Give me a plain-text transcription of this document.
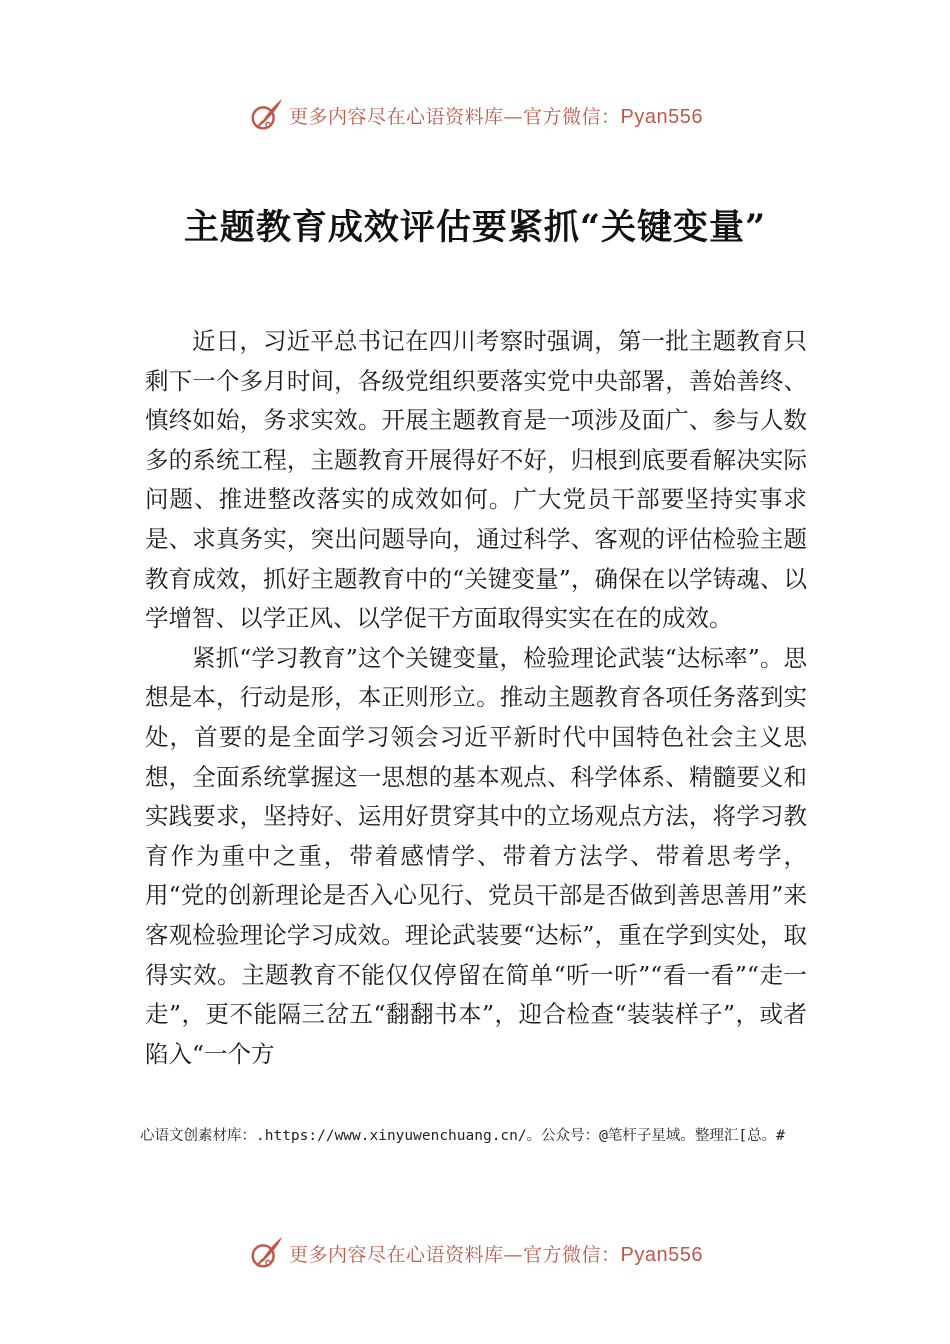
更多内容尽在心语资料库—官方微信：Pyan556
主题教育成效评估要紧抓“关键变量”

近日，习近平总书记在四川考察时强调，第一批主题教育只剩下一个多月时间，各级党组织要落实党中央部署，善始善终、慎终如始，务求实效。开展主题教育是一项涉及面广、参与人数多的系统工程，主题教育开展得好不好，归根到底要看解决实际问题、推进整改落实的成效如何。广大党员干部要坚持实事求是、求真务实，突出问题导向，通过科学、客观的评估检验主题教育成效，抓好主题教育中的“关键变量”，确保在以学铸魂、以学增智、以学正风、以学促干方面取得实实在在的成效。

紧抓“学习教育”这个关键变量，检验理论武装“达标率”。思想是本，行动是形，本正则形立。推动主题教育各项任务落到实处，首要的是全面学习领会习近平新时代中国特色社会主义思想，全面系统掌握这一思想的基本观点、科学体系、精髓要义和实践要求，坚持好、运用好贯穿其中的立场观点方法，将学习教育作为重中之重，带着感情学、带着方法学、带着思考学，用“党的创新理论是否入心见行、党员干部是否做到善思善用”来客观检验理论学习成效。理论武装要“达标”，重在学到实处，取得实效。主题教育不能仅仅停留在简单“听一听”“看一看”“走一走”，更不能隔三岔五“翻翻书本”，迎合检查“装装样子”，或者陷入“一个方

心语文创素材库：.https://www.xinyuwenchuang.cn/。公众号：@笔杆子星域。整理汇[总。#
更多内容尽在心语资料库—官方微信：Pyan556
